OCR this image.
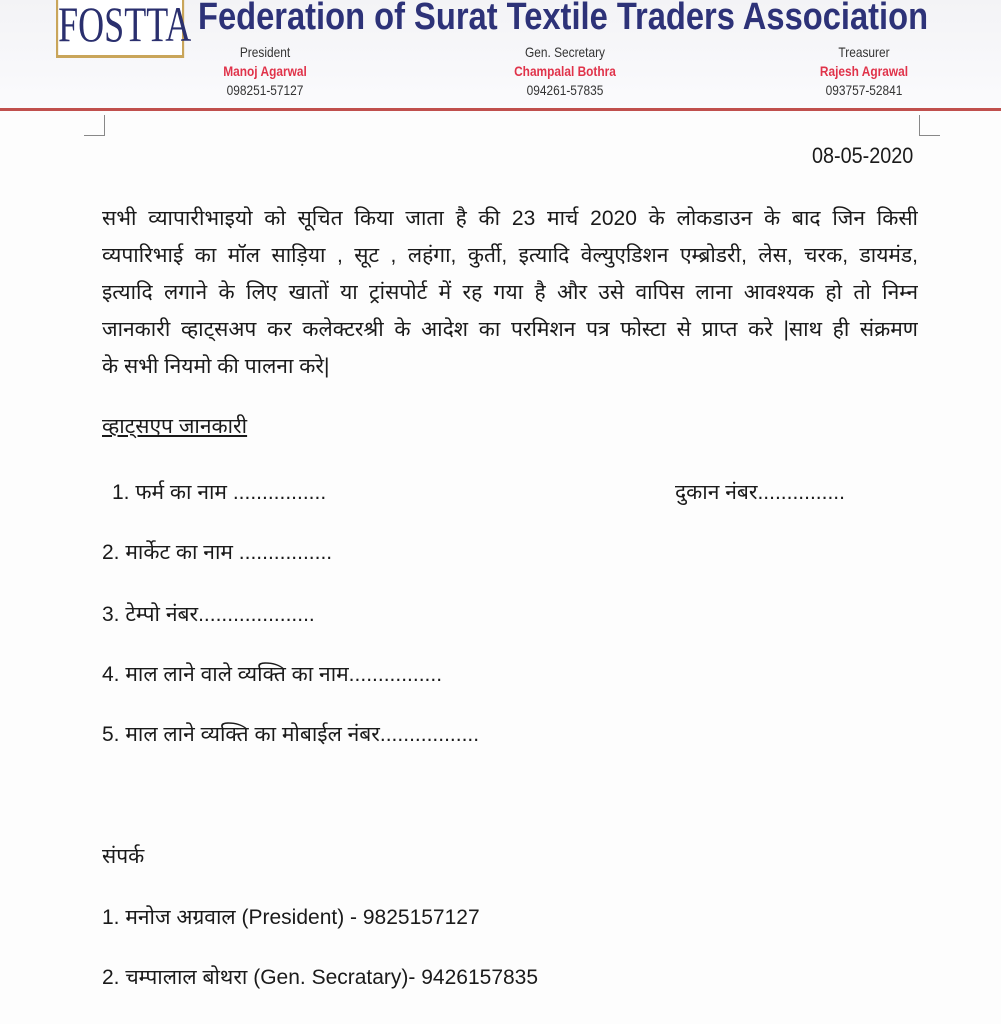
FOSTTA Federation of Surat Textile Traders Association
President
Manoj Agarwal
098251-57127
Gen. Secretary
Champalal Bothra
094261-57835
Treasurer
Rajesh Agrawal
093757-52841
08-05-2020
सभी व्यापारीभाइयो को सूचित किया जाता है की 23 मार्च 2020 के लोकडाउन के बाद जिन किसी
व्यपारिभाई का मॉल साड़िया , सूट , लहंगा, कुर्ती, इत्यादि वेल्युएडिशन एम्ब्रोडरी, लेस, चरक, डायमंड,
इत्यादि लगाने के लिए खातों या ट्रांसपोर्ट में रह गया है और उसे वापिस लाना आवश्यक हो तो निम्न
जानकारी व्हाट्सअप कर कलेक्टरश्री के आदेश का परमिशन पत्र फोस्टा से प्राप्त करे |साथ ही संक्रमण
के सभी नियमो की पालना करे|
व्हाट्सएप जानकारी
1. फर्म का नाम ................	दुकान नंबर...............
2. मार्केट का नाम ................
3. टेम्पो नंबर....................
4. माल लाने वाले व्यक्ति का नाम................
5. माल लाने व्यक्ति का मोबाईल नंबर.................
संपर्क
1. मनोज अग्रवाल (President) - 9825157127
2. चम्पालाल बोथरा (Gen. Secratary)- 9426157835
